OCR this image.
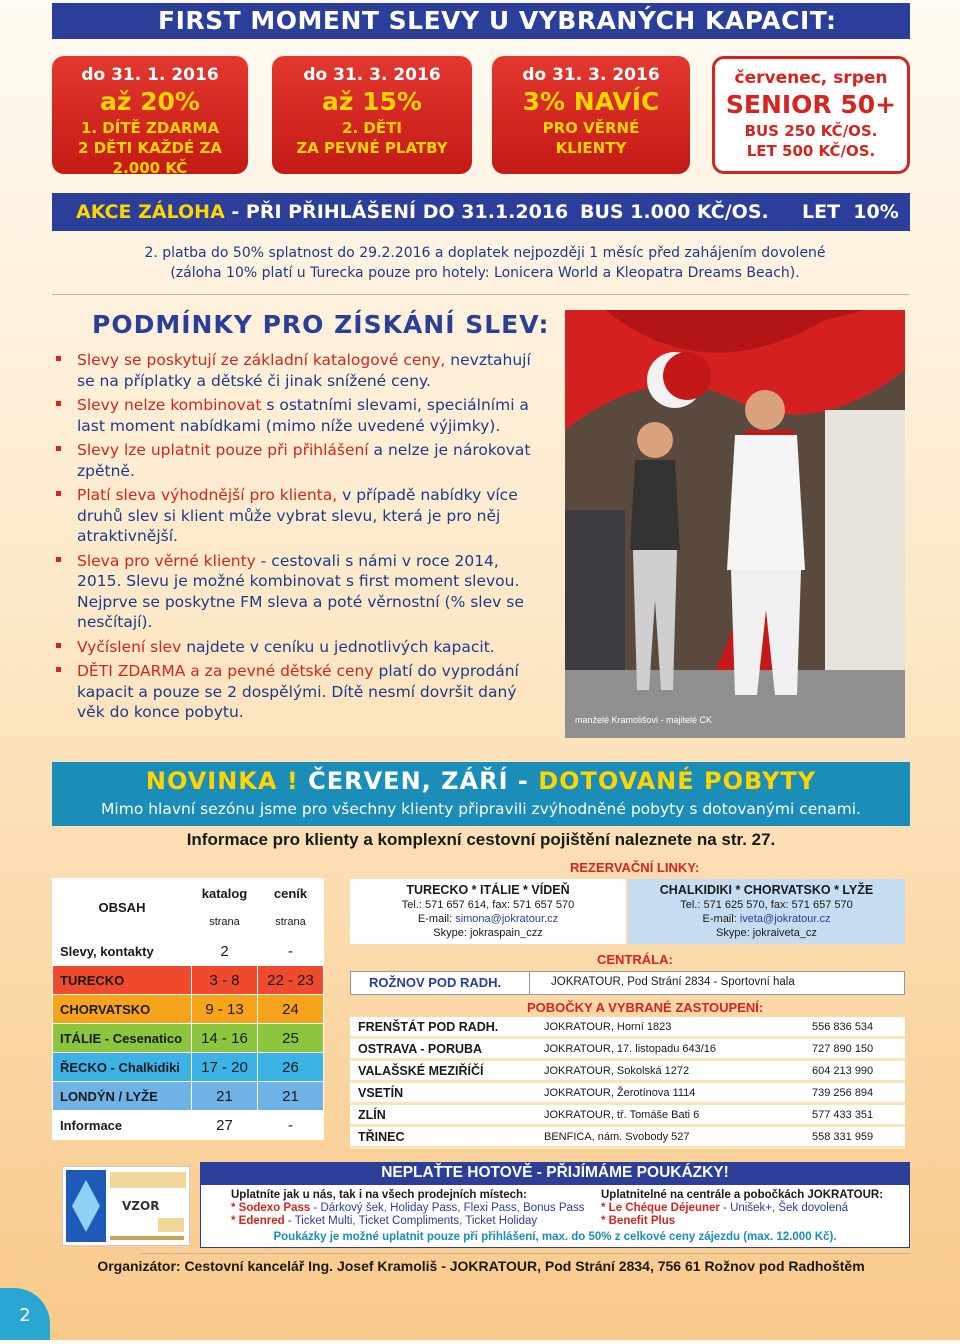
FIRST MOMENT SLEVY U VYBRANÝCH KAPACIT:
do 31. 1. 2016
až 20%
1. DÍTĚ ZDARMA
2 DĚTI KAŽDÉ ZA 2.000 KČ
do 31. 3. 2016
až 15%
2. DĚTI
ZA PEVNÉ PLATBY
do 31. 3. 2016
3% NAVÍC
PRO VĚRNÉ
KLIENTY
červenec, srpen
SENIOR 50+
BUS 250 KČ/OS.
LET 500 KČ/OS.
AKCE ZÁLOHA - PŘI PŘIHLÁŠENÍ DO 31.1.2016 BUS 1.000 KČ/OS. LET  10%
2. platba do 50% splatnost do 29.2.2016 a doplatek nejpozději 1 měsíc před zahájením dovolené
(záloha 10% platí u Turecka pouze pro hotely: Lonicera World a Kleopatra Dreams Beach).
PODMÍNKY PRO ZÍSKÁNÍ SLEV:
Slevy se poskytují ze základní katalogové ceny, nevztahují se na příplatky a dětské či jinak snížené ceny.
Slevy nelze kombinovat s ostatními slevami, speciálními a last moment nabídkami (mimo níže uvedené výjimky).
Slevy lze uplatnit pouze při přihlášení a nelze je nárokovat zpětně.
Platí sleva výhodnější pro klienta, v případě nabídky více druhů slev si klient může vybrat slevu, která je pro něj atraktivnější.
Sleva pro věrné klienty - cestovali s námi v roce 2014, 2015. Slevu je možné kombinovat s first moment slevou. Nejprve se poskytne FM sleva a poté věrnostní (% slev se nesčítají).
Vyčíslení slev najdete v ceníku u jednotlivých kapacit.
DĚTI ZDARMA a za pevné dětské ceny platí do vyprodání kapacit a pouze se 2 dospělými. Dítě nesmí dovršit daný věk do konce pobytu.	manželé Kramolišovi - majitelé CK
NOVINKA ! ČERVEN, ZÁŘÍ - DOTOVANÉ POBYTY
Mimo hlavní sezónu jsme pro všechny klienty připravili zvýhodněné pobyty s dotovanými cenami.
Informace pro klienty a komplexní cestovní pojištění naleznete na str. 27.
OBSAH	katalog	ceník
	strana	strana
Slevy, kontakty	2	-
TURECKO	3 - 8	22 - 23
CHORVATSKO	9 - 13	24
ITÁLIE - Cesenatico	14 - 16	25
ŘECKO - Chalkidiki	17 - 20	26
LONDÝN / LYŽE	21	21
Informace	27	-
REZERVAČNÍ LINKY:
TURECKO * ITÁLIE * VÍDEŇ
Tel.: 571 657 614, fax: 571 657 570
E-mail: simona@jokratour.cz
Skype: jokraspain_czz
CHALKIDIKI * CHORVATSKO * LYŽE
Tel.: 571 625 570, fax: 571 657 570
E-mail: iveta@jokratour.cz
Skype: jokraiveta_cz
CENTRÁLA:
ROŽNOV POD RADH.	JOKRATOUR, Pod Strání 2834 - Sportovní hala
POBOČKY A VYBRANÉ ZASTOUPENÍ:
FRENŠTÁT POD RADH.	JOKRATOUR, Horní 1823	556 836 534
OSTRAVA - PORUBA	JOKRATOUR, 17. listopadu 643/16	727 890 150
VALAŠSKÉ MEZIŘÍČÍ	JOKRATOUR, Sokolská 1272	604 213 990
VSETÍN	JOKRATOUR, Žerotínova 1114	739 256 894
ZLÍN	JOKRATOUR, tř. Tomáše Bati 6	577 433 351
TŘINEC	BENFICA, nám. Svobody 527	558 331 959
VZOR
NEPLAŤTE HOTOVĚ - PŘIJÍMÁME POUKÁZKY!
Uplatníte jak u nás, tak i na všech prodejních místech:
* Sodexo Pass - Dárkový šek, Holiday Pass, Flexi Pass, Bonus Pass
* Edenred - Ticket Multi, Ticket Compliments, Ticket Holiday
Uplatnitelné na centrále a pobočkách JOKRATOUR:
* Le Chéque Déjeuner - Unišek+, Šek dovolená
* Benefit Plus
Poukázky je možné uplatnit pouze při přihlášení, max. do 50% z celkové ceny zájezdu (max. 12.000 Kč).
Organizátor: Cestovní kancelář Ing. Josef Kramoliš - JOKRATOUR, Pod Strání 2834, 756 61 Rožnov pod Radhoštěm
2
